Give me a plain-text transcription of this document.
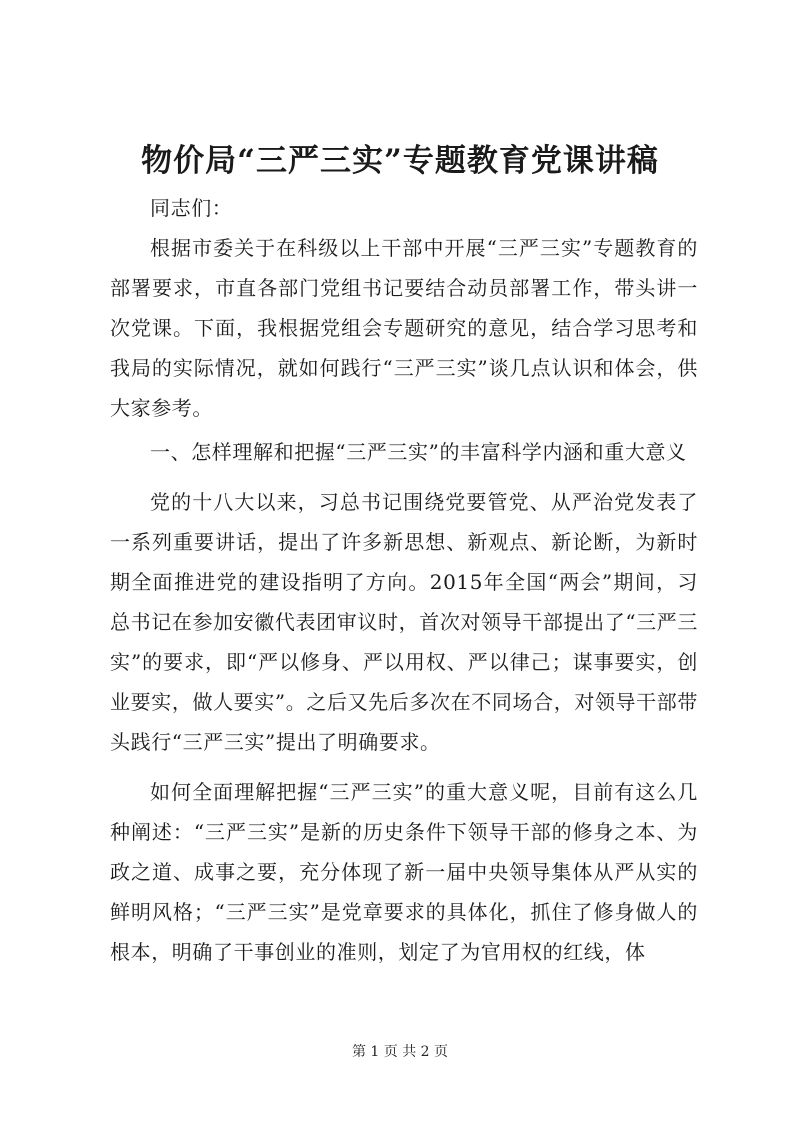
物价局“三严三实”专题教育党课讲稿

同志们：

根据市委关于在科级以上干部中开展“三严三实”专题教育的部署要求，市直各部门党组书记要结合动员部署工作，带头讲一次党课。下面，我根据党组会专题研究的意见，结合学习思考和我局的实际情况，就如何践行“三严三实”谈几点认识和体会，供大家参考。

一、怎样理解和把握“三严三实”的丰富科学内涵和重大意义

党的十八大以来，习总书记围绕党要管党、从严治党发表了一系列重要讲话，提出了许多新思想、新观点、新论断，为新时期全面推进党的建设指明了方向。2015年全国“两会”期间，习总书记在参加安徽代表团审议时，首次对领导干部提出了“三严三实”的要求，即“严以修身、严以用权、严以律己；谋事要实，创业要实，做人要实”。之后又先后多次在不同场合，对领导干部带头践行“三严三实”提出了明确要求。

如何全面理解把握“三严三实”的重大意义呢，目前有这么几种阐述：“三严三实”是新的历史条件下领导干部的修身之本、为政之道、成事之要，充分体现了新一届中央领导集体从严从实的鲜明风格；“三严三实”是党章要求的具体化，抓住了修身做人的根本，明确了干事创业的准则，划定了为官用权的红线，体

第 1 页 共 2 页
